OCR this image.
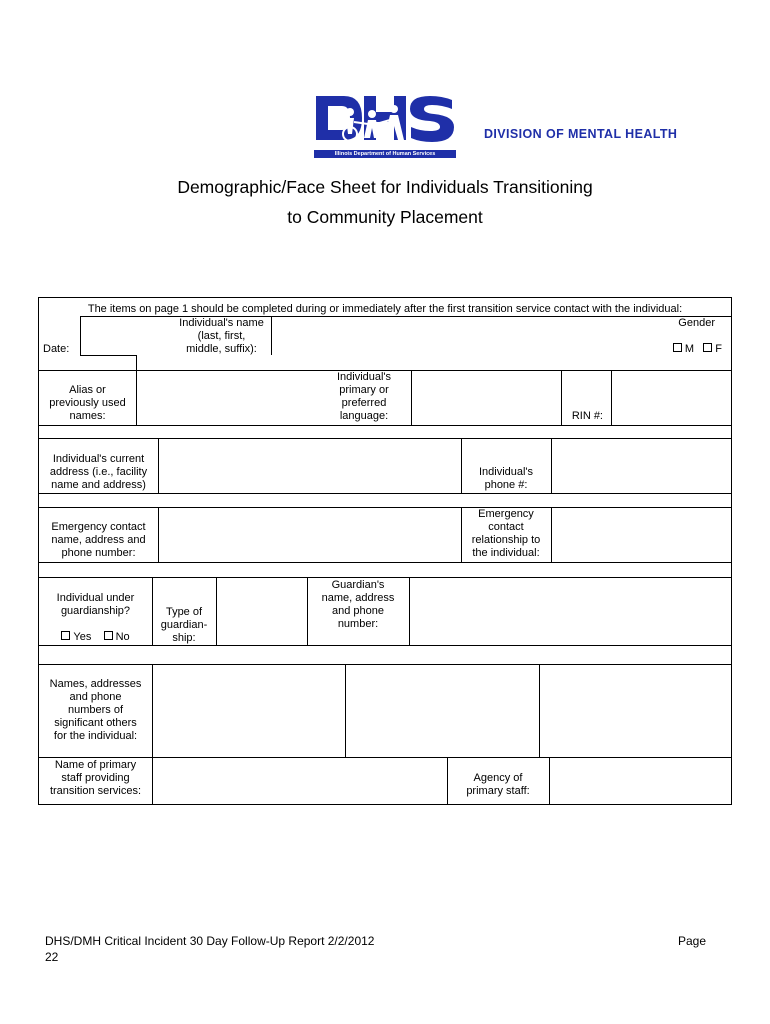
Illinois Department of Human Services
DIVISION OF MENTAL HEALTH
Demographic/Face Sheet for Individuals Transitioning
to Community Placement
The items on page 1 should be completed during or immediately after the first transition service contact with the individual:
Date:
Individual's name
(last, first,
middle, suffix):
Gender
M F
Alias or
previously used
names:
Individual's
primary or
preferred
language:	RIN #:
Individual's current
address (i.e., facility
name and address)
Individual's
phone #:
Emergency contact
name, address and
phone number:
Emergency
contact
relationship to
the individual:
Individual under
guardianship?
Yes No
Type of
guardian-
ship:
Guardian's
name, address
and phone
number:
Names, addresses
and phone
numbers of
significant others
for the individual:
Name of primary
staff providing
transition services:
Agency of
primary staff:
DHS/DMH Critical Incident 30 Day Follow-Up Report 2/2/2012	Page
22
